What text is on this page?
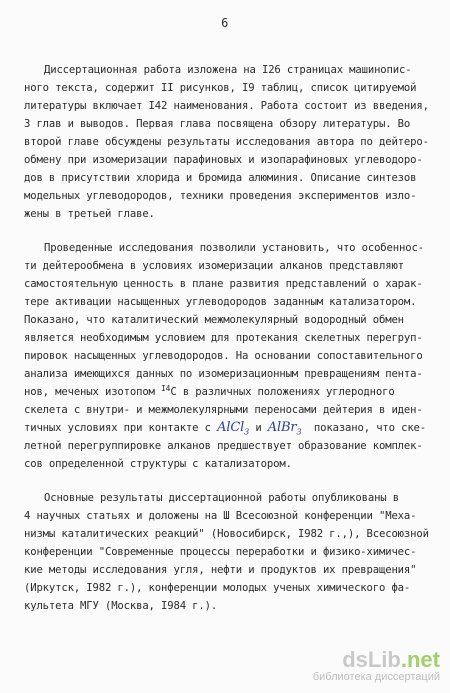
6
Диссертационная работа изложена на I26 страницах машинопис-
ного текста, содержит II рисунков, I9 таблиц, список цитируемой
литературы включает I42 наименования. Работа состоит из введения,
3 глав и выводов. Первая глава посвящена обзору литературы. Во
второй главе обсуждены результаты исследования автора по дейтеро-
обмену при изомеризации парафиновых и изопарафиновых углеводоро-
дов в присутствии хлорида и бромида алюминия. Описание синтезов
модельных углеводородов, техники проведения экспериментов изло-
жены в третьей главе.
Проведенные исследования позволили установить, что особеннос-
ти дейтерообмена в условиях изомеризации алканов представляют
самостоятельную ценность в плане развития представлений о харак-
тере активации насыщенных углеводородов заданным катализатором.
Показано, что каталитический межмолекулярный водородный обмен
является необходимым условием для протекания скелетных перегруп-
пировок насыщенных углеводородов. На основании сопоставительного
анализа имеющихся данных по изомеризационным превращениям пента-
нов, меченых изотопом $^{I4}$C в различных положениях углеродного
скелета с внутри- и межмолекулярными переносами дейтерия в иден-
тичных условиях при контакте с AlCl$_3$ и AlBr$_3$  показано, что ске-
летной перегруппировке алканов предшествует образование комплек-
сов определенной структуры с катализатором.
Основные результаты диссертационной работы опубликованы в
4 научных статьях и доложены на Ш Всесоюзной конференции "Меха-
низмы каталитических реакций" (Новосибирск, I982 г.,), Всесоюзной
конференции "Современные процессы переработки и физико-химичес-
кие методы исследования угля, нефти и продуктов их превращения"
(Иркутск, I982 г.), конференции молодых ученых химического фа-
культета МГУ (Москва, I984 г.).
dsLib.net
библиотека диссертаций
